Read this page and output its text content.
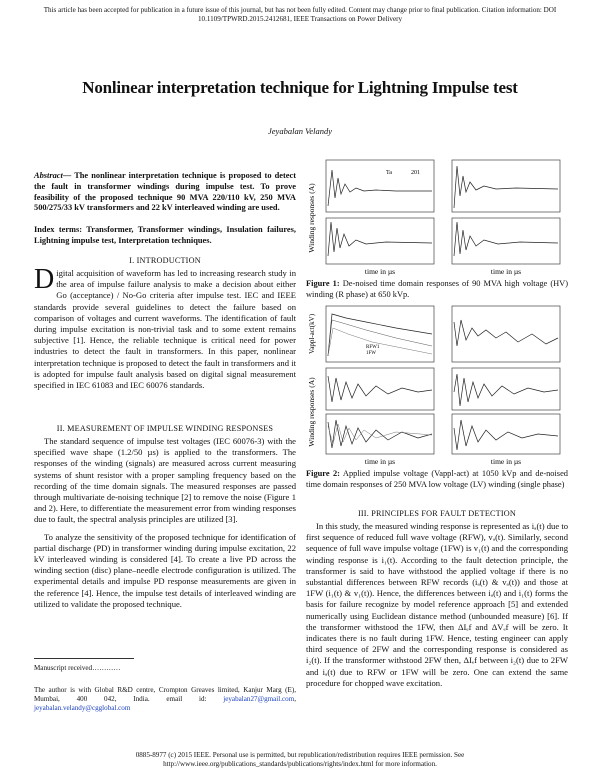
This article has been accepted for publication in a future issue of this journal, but has not been fully edited. Content may change prior to final publication. Citation information: DOI
10.1109/TPWRD.2015.2412681, IEEE Transactions on Power Delivery
Nonlinear interpretation technique for Lightning Impulse test
Jeyabalan Velandy
Abstract— The nonlinear interpretation technique is proposed to detect the fault in transformer windings during impulse test. To prove feasibility of the proposed technique 90 MVA 220/110 kV, 250 MVA 500/275/33 kV transformers and 22 kV interleaved winding are used.
Index terms: Transformer, Transformer windings, Insulation failures, Lightning impulse test, Interpretation techniques.
I. INTRODUCTION
Digital acquisition of waveform has led to increasing research study in the area of impulse failure analysis to make a decision about either Go (acceptance) / No-Go criteria after impulse test. IEC and IEEE standards provide several guidelines to detect the failure based on comparison of voltages and current waveforms. The identification of fault during impulse excitation is non-trivial task and to some extent remains subjective [1]. Hence, the reliable technique is critical need for power industries to detect the fault in transformers. In this paper, nonlinear interpretation technique is proposed to detect the fault in transformers and it is adopted for impulse fault analysis based on digital signal measurement specified in IEC 61083 and IEC 60076 standards.
II. MEASUREMENT OF IMPULSE WINDING RESPONSES

The standard sequence of impulse test voltages (IEC 60076-3) with the specified wave shape (1.2/50 µs) is applied to the transformers. The responses of the winding (signals) are measured across current measuring systems of shunt resistor with a proper sampling frequency based on the recording of the time domain signals. The measured responses are passed through multivariate de-noising technique [2] to remove the noise (Figure 1 and 2). Here, to differentiate the measurement error from winding responses due to fault, the spectral analysis principles are utilized [3].

To analyze the sensitivity of the proposed technique for identification of partial discharge (PD) in transformer winding during impulse excitation, 22 kV interleaved winding is considered [4]. To create a live PD across the winding section (disc) plane–needle electrode configuration is utilized. The experimental details and impulse PD response measurements are given in the reference [4]. Hence, the impulse test details of interleaved winding are utilized to validate the proposed technique.

Manuscript received…………
The author is with Global R&D centre, Crompton Greaves limited, Kanjur Marg (E), Mumbai, 400 042, India. email id: jeyabalan27@gmail.com, jeyabalan.velandy@cgglobal.com
Winding responses (A)
Ta	201
time in µs	time in µs
Figure 1: De-noised time domain responses of 90 MVA high voltage (HV) winding (R phase) at 650 kVp.
Vappl-act(kV)
Winding responses (A)
RFW1
1FW
time in µs	time in µs
Figure 2: Applied impulse voltage (Vappl-act) at 1050 kVp and de-noised time domain responses of 250 MVA low voltage (LV) winding (single phase)
III. PRINCIPLES FOR FAULT DETECTION

In this study, the measured winding response is represented as iₐ(t) due to first sequence of reduced full wave voltage (RFW), vₐ(t). Similarly, second sequence of full wave impulse voltage (1FW) is v₁(t) and the corresponding winding response is i₁(t). According to the fault detection principle, the transformer is said to have withstood the applied voltage if there is no substantial differences between RFW records (iₐ(t) & vₐ(t)) and those at 1FW (i₁(t) & v₁(t)). Hence, the differences between iₐ(t) and i₁(t) forms the basis for failure recognize by model reference approach [5] and extended numerically using Euclidean distance method (unbounded measure) [6]. If the transformer withstood the 1FW, then ΔIₑf and ΔVₑf will be zero. It indicates there is no fault during 1FW. Hence, testing engineer can apply third sequence of 2FW and the corresponding response is considered as i₂(t). If the transformer withstood 2FW then, ΔIₑf between i₂(t) due to 2FW and iₐ(t) due to RFW or 1FW will be zero. One can extend the same procedure for chopped wave excitation.

0885-8977 (c) 2015 IEEE. Personal use is permitted, but republication/redistribution requires IEEE permission. See
http://www.ieee.org/publications_standards/publications/rights/index.html for more information.
